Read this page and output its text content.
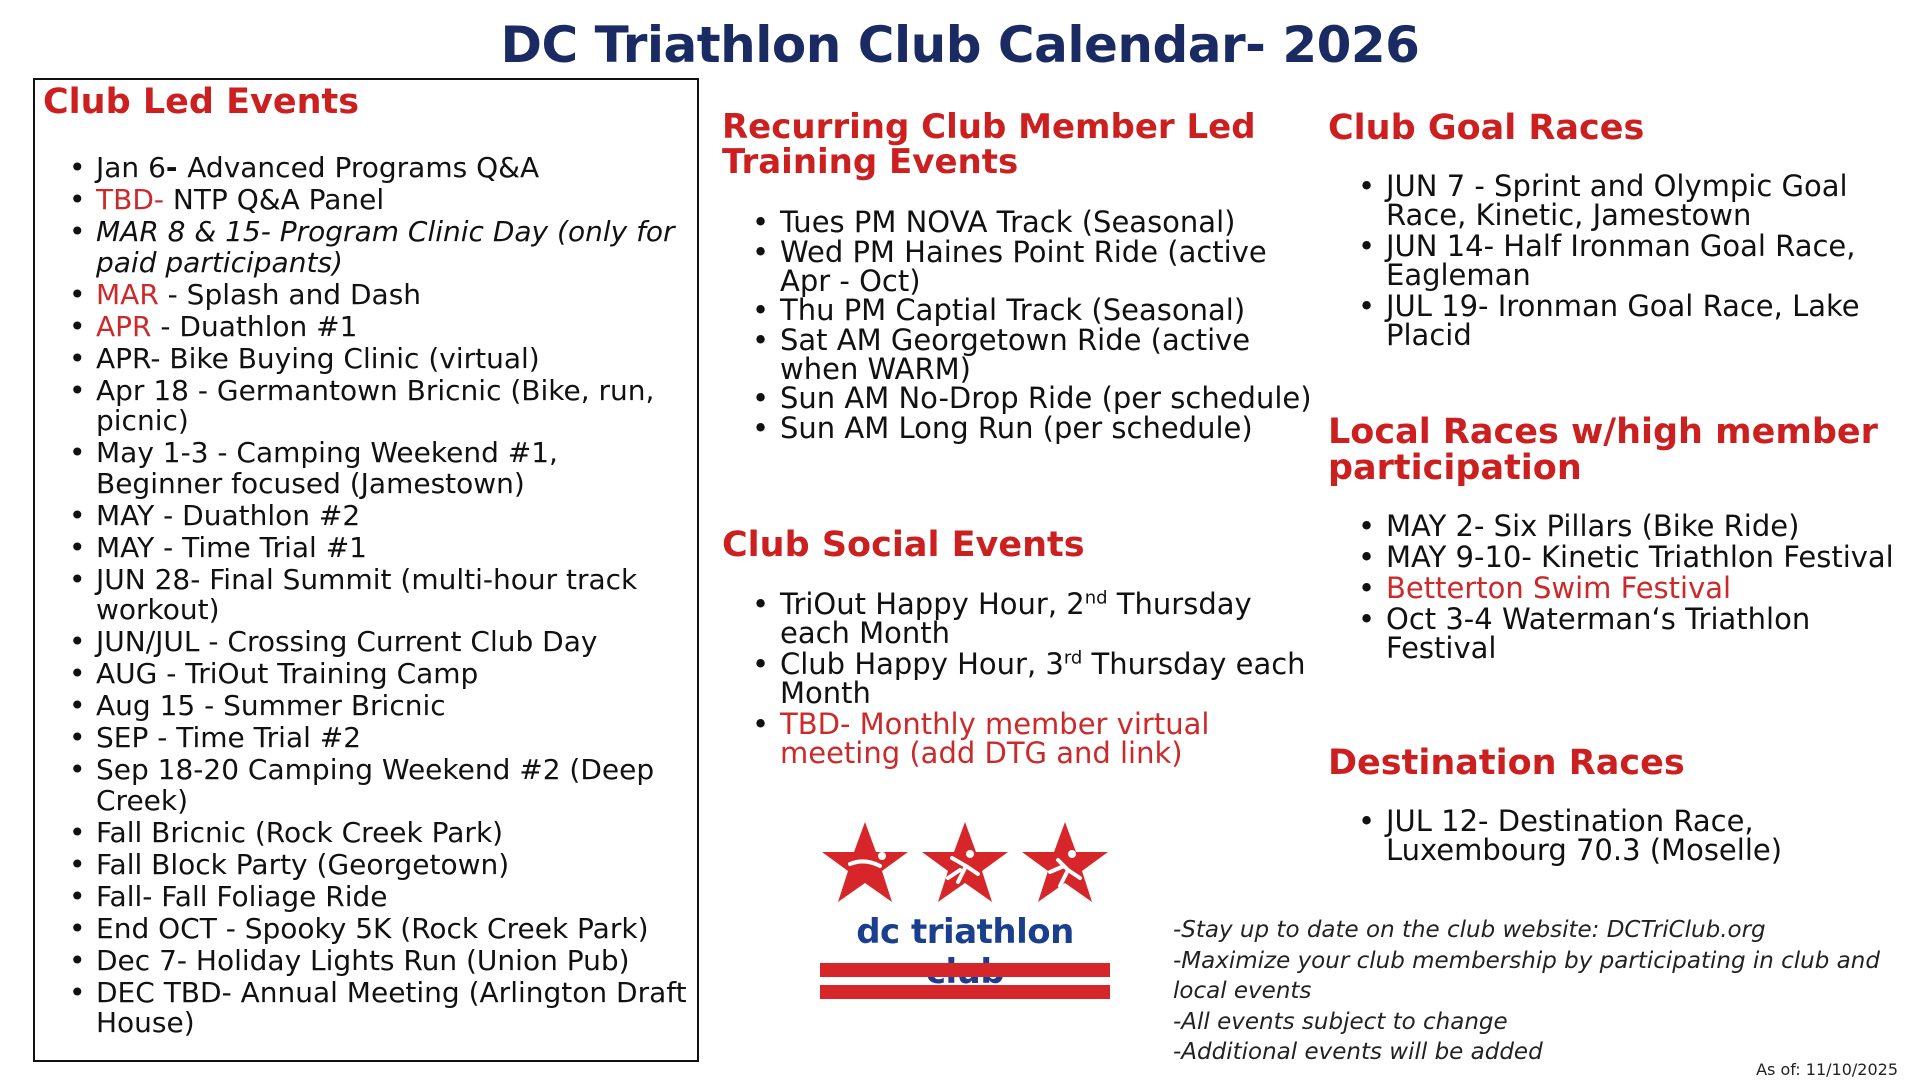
DC Triathlon Club Calendar- 2026
Club Led Events
• Jan 6- Advanced Programs Q&A
• TBD- NTP Q&A Panel
• MAR 8 & 15- Program Clinic Day (only for paid participants)
• MAR - Splash and Dash
• APR - Duathlon #1
• APR- Bike Buying Clinic (virtual)
• Apr 18 - Germantown Bricnic (Bike, run, picnic)
• May 1-3 - Camping Weekend #1, Beginner focused (Jamestown)
• MAY - Duathlon #2
• MAY - Time Trial #1
• JUN 28- Final Summit (multi-hour track workout)
• JUN/JUL - Crossing Current Club Day
• AUG - TriOut Training Camp
• Aug 15 - Summer Bricnic
• SEP - Time Trial #2
• Sep 18-20 Camping Weekend #2 (Deep Creek)
• Fall Bricnic (Rock Creek Park)
• Fall Block Party (Georgetown)
• Fall- Fall Foliage Ride
• End OCT - Spooky 5K (Rock Creek Park)
• Dec 7- Holiday Lights Run (Union Pub)
• DEC TBD- Annual Meeting (Arlington Draft House)
Recurring Club Member Led Training Events
• Tues PM NOVA Track (Seasonal)
• Wed PM Haines Point Ride (active Apr - Oct)
• Thu PM Captial Track (Seasonal)
• Sat AM Georgetown Ride (active when WARM)
• Sun AM No-Drop Ride (per schedule)
• Sun AM Long Run (per schedule)
Club Social Events
• TriOut Happy Hour, 2nd Thursday each Month
• Club Happy Hour, 3rd Thursday each Month
• TBD- Monthly member virtual meeting (add DTG and link)
dc triathlon
Club Goal Races
• JUN 7 - Sprint and Olympic Goal Race, Kinetic, Jamestown
• JUN 14- Half Ironman Goal Race, Eagleman
• JUL 19- Ironman Goal Race, Lake Placid
Local Races w/high member participation
• MAY 2- Six Pillars (Bike Ride)
• MAY 9-10- Kinetic Triathlon Festival
• Betterton Swim Festival
• Oct 3-4 Waterman‘s Triathlon Festival
Destination Races
• JUL 12- Destination Race, Luxembourg 70.3 (Moselle)

-Stay up to date on the club website: DCTriClub.org

-Maximize your club membership by participating in club and local events

-All events subject to change

-Additional events will be added

As of: 11/10/2025
